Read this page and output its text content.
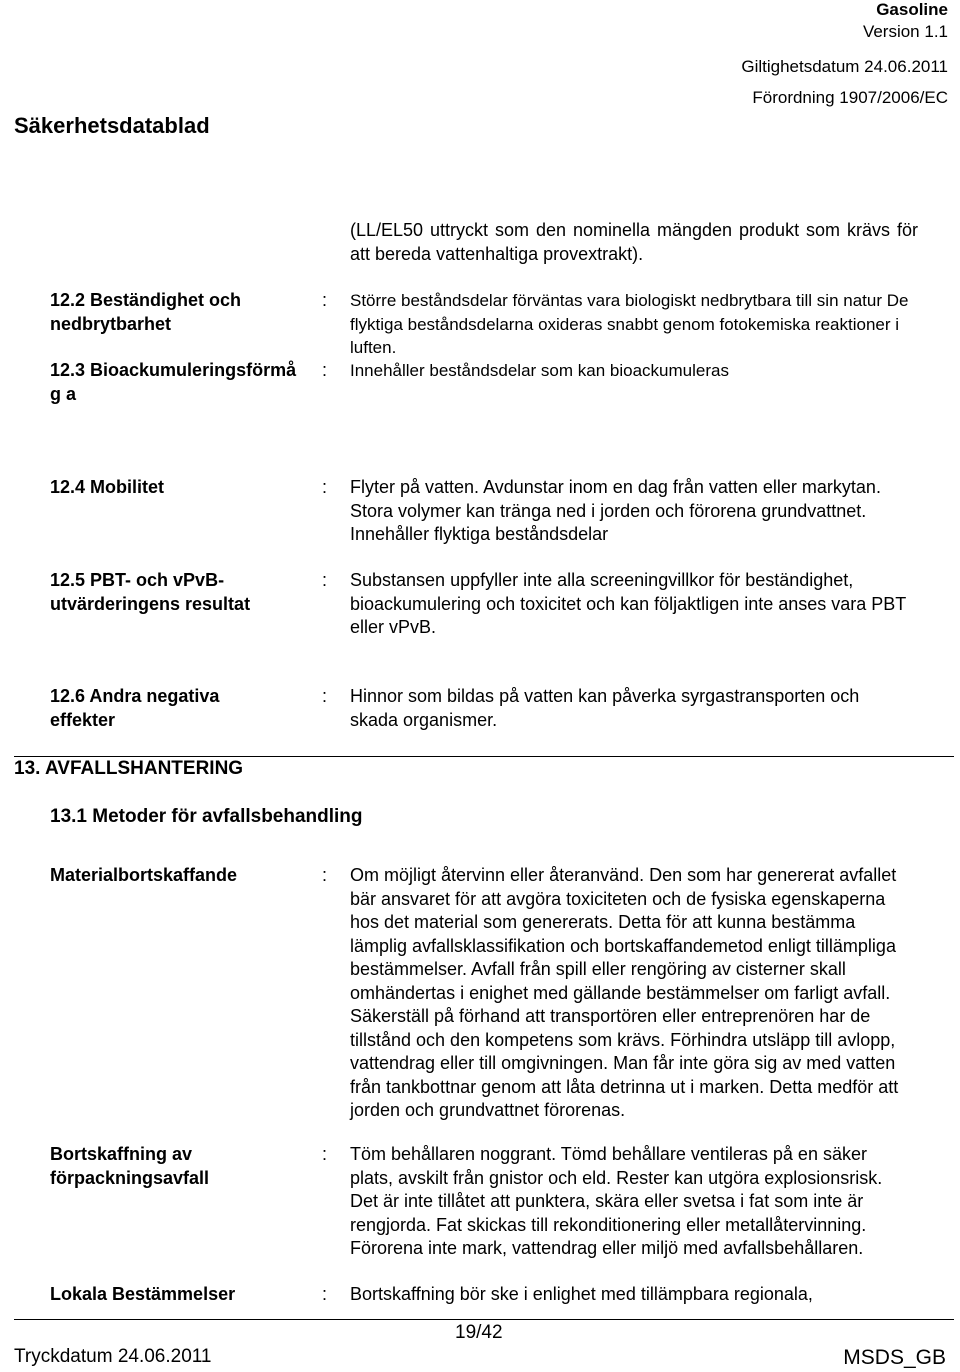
Gasoline
Version 1.1
Giltighetsdatum 24.06.2011
Förordning 1907/2006/EC
Säkerhetsdatablad
(LL/EL50 uttryckt som den nominella mängden produkt som krävs för att bereda vattenhaltiga provextrakt).
12.2 Beständighet och nedbrytbarhet
: Större beståndsdelar förväntas vara biologiskt nedbrytbara till sin natur De flyktiga beståndsdelarna oxideras snabbt genom fotokemiska reaktioner i luften.
12.3 Bioackumuleringsförmåg a
: Innehåller beståndsdelar som kan bioackumuleras
12.4 Mobilitet	: Flyter på vatten. Avdunstar inom en dag från vatten eller markytan. Stora volymer kan tränga ned i jorden och förorena grundvattnet. Innehåller flyktiga beståndsdelar
12.5 PBT- och vPvB-utvärderingens resultat
: Substansen uppfyller inte alla screeningvillkor för beständighet, bioackumulering och toxicitet och kan följaktligen inte anses vara PBT eller vPvB.
12.6 Andra negativa effekter
: Hinnor som bildas på vatten kan påverka syrgastransporten och skada organismer.
13. AVFALLSHANTERING
13.1 Metoder för avfallsbehandling
Materialbortskaffande	: Om möjligt återvinn eller återanvänd. Den som har genererat avfallet bär ansvaret för att avgöra toxiciteten och de fysiska egenskaperna hos det material som genererats. Detta för att kunna bestämma lämplig avfallsklassifikation och bortskaffandemetod enligt tillämpliga bestämmelser. Avfall från spill eller rengöring av cisterner skall omhändertas i enighet med gällande bestämmelser om farligt avfall. Säkerställ på förhand att transportören eller entreprenören har de tillstånd och den kompetens som krävs. Förhindra utsläpp till avlopp, vattendrag eller till omgivningen. Man får inte göra sig av med vatten från tankbottnar genom att låta detrinna ut i marken. Detta medför att jorden och grundvattnet förorenas.
Bortskaffning av förpackningsavfall
: Töm behållaren noggrant. Tömd behållare ventileras på en säker plats, avskilt från gnistor och eld. Rester kan utgöra explosionsrisk. Det är inte tillåtet att punktera, skära eller svetsa i fat som inte är rengjorda. Fat skickas till rekonditionering eller metallåtervinning. Förorena inte mark, vattendrag eller miljö med avfallsbehållaren.
Lokala Bestämmelser	: Bortskaffning bör ske i enlighet med tillämpbara regionala,
19/42
Tryckdatum 24.06.2011	MSDS_GB
